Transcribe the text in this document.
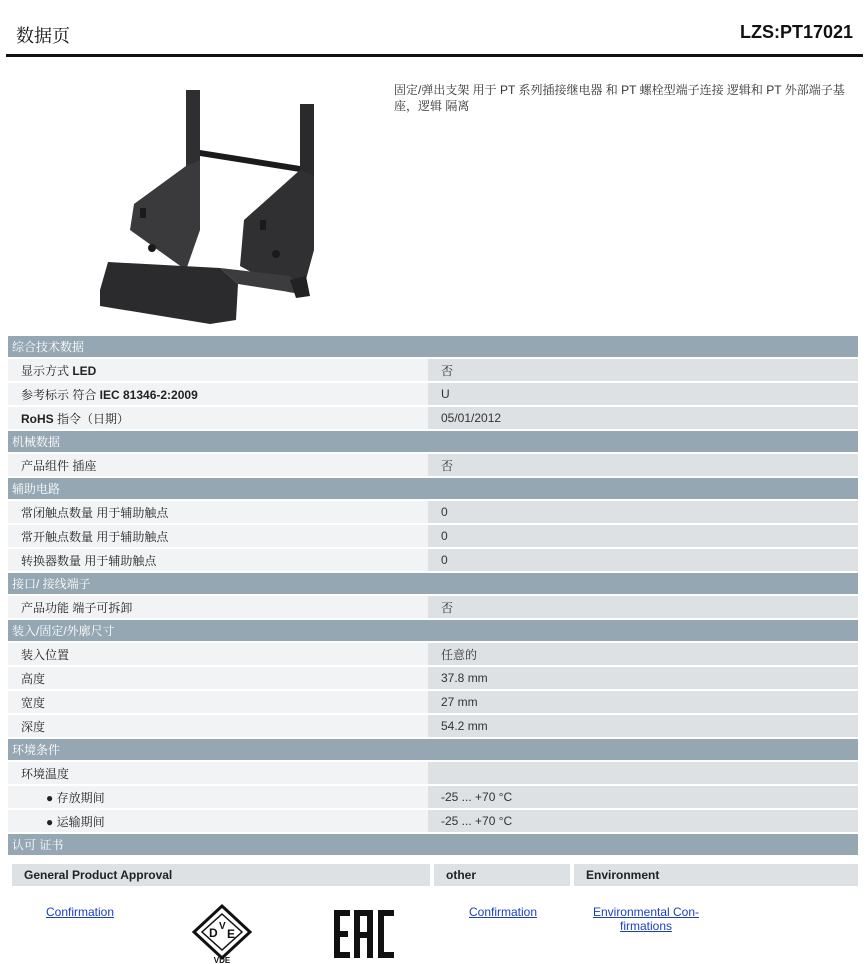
数据页	LZS:PT17021
固定/弹出支架 用于 PT 系列插接继电器 和 PT 螺栓型端子连接 逻辑和 PT 外部端子基座，逻辑 隔离
综合技术数据	
显示方式 LED	否
参考标示 符合 IEC 81346-2:2009	U
RoHS 指令（日期）	05/01/2012
机械数据	
产品组件 插座	否
辅助电路	
常闭触点数量 用于辅助触点	0
常开触点数量 用于辅助触点	0
转换器数量 用于辅助触点	0
接口/ 接线端子	
产品功能 端子可拆卸	否
装入/固定/外廓尺寸	
装入位置	任意的
高度	37.8 mm
宽度	27 mm
深度	54.2 mm
环境条件	
环境温度	
● 存放期间	-25 ... +70 °C
● 运输期间	-25 ... +70 °C
认可 证书	
General Product Approval	other	Environment
Confirmation
D V
E
VDE
Confirmation	Environmental Con-
firmations
